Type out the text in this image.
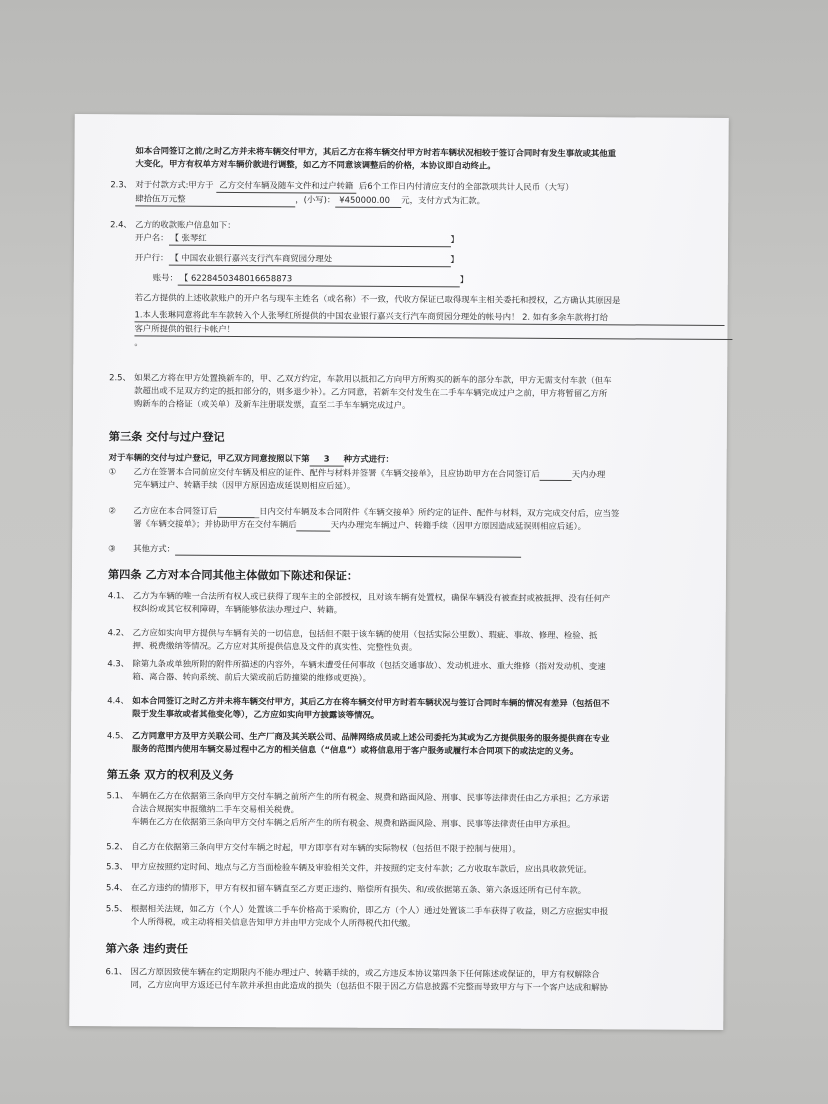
如本合同签订之前/之时乙方并未将车辆交付甲方，其后乙方在将车辆交付甲方时若车辆状况相较于签订合同时有发生事故或其他重
大变化，甲方有权单方对车辆价款进行调整，如乙方不同意该调整后的价格，本协议即自动终止。
2.3、 对于付款方式:甲方于 乙方交付车辆及随车文件和过户转籍 后6个工作日内付清应支付的全部款项共计人民币（大写）
肆拾伍万元整	，(小写)： ¥450000.00 元，支付方式为汇款。
2.4、 乙方的收款账户信息如下：
开户名： 【 张琴红	】
开户行： 【 中国农业银行嘉兴支行汽车商贸园分理处	】
账号： 【 6228450348016658873	】
若乙方提供的上述收款账户的开户名与现车主姓名（或名称）不一致，代收方保证已取得现车主相关委托和授权，乙方确认其原因是
1.本人张琳同意将此车车款转入个人张琴红所提供的中国农业银行嘉兴支行汽车商贸园分理处的帐号内！ 2. 如有多余车款将打给
客户所提供的银行卡帐户！
。
2.5、 如果乙方将在甲方处置换新车的，甲、乙双方约定，车款用以抵扣乙方向甲方所购买的新车的部分车款，甲方无需支付车款（但车
款超出或不足双方约定的抵扣部分的，则多退少补）。乙方同意，若新车交付发生在二手车车辆完成过户之前，甲方将暂留乙方所
购新车的合格证（或关单）及新车注册联发票，直至二手车车辆完成过户。
第三条 交付与过户登记
对于车辆的交付与过户登记，甲乙双方同意按照以下第 3 种方式进行：
① 乙方在签署本合同前应交付车辆及相应的证件、配件与材料并签署《车辆交接单》，且应协助甲方在合同签订后	天内办理
完车辆过户、转籍手续（因甲方原因造成延误则相应后延）。
② 乙方应在本合同签订后	日内交付车辆及本合同附件《车辆交接单》所约定的证件、配件与材料，双方完成交付后，应当签
署《车辆交接单》；并协助甲方在交付车辆后	天内办理完车辆过户、转籍手续（因甲方原因造成延误则相应后延）。
③ 其他方式：
第四条 乙方对本合同其他主体做如下陈述和保证：
4.1、 乙方为车辆的唯一合法所有权人或已获得了现车主的全部授权，且对该车辆有处置权，确保车辆没有被查封或被抵押、没有任何产
权纠纷或其它权利障碍，车辆能够依法办理过户、转籍。
4.2、 乙方应如实向甲方提供与车辆有关的一切信息，包括但不限于该车辆的使用（包括实际公里数）、瑕疵、事故、修理、检验、抵
押、税费缴纳等情况。乙方应对其所提供信息及文件的真实性、完整性负责。
4.3、 除第九条或单独所附的附件所描述的内容外，车辆未遭受任何事故（包括交通事故）、发动机进水、重大维修（指对发动机、变速
箱、离合器、转向系统、前后大梁或前后防撞梁的维修或更换）。
4.4、 如本合同签订之时乙方并未将车辆交付甲方，其后乙方在将车辆交付甲方时若车辆状况与签订合同时车辆的情况有差异（包括但不
限于发生事故或者其他变化等），乙方应如实向甲方披露该等情况。
4.5、 乙方同意甲方及甲方关联公司、生产厂商及其关联公司、品牌网络成员或上述公司委托为其或为乙方提供服务的服务提供商在专业
服务的范围内使用车辆交易过程中乙方的相关信息（“信息”）或将信息用于客户服务或履行本合同项下的或法定的义务。
第五条 双方的权利及义务
5.1、 车辆在乙方在依据第三条向甲方交付车辆之前所产生的所有税金、规费和路面风险、刑事、民事等法律责任由乙方承担；乙方承诺
合法合规据实申报缴纳二手车交易相关税费。
车辆在乙方在依据第三条向甲方交付车辆之后所产生的所有税金、规费和路面风险、刑事、民事等法律责任由甲方承担。
5.2、 自乙方在依据第三条向甲方交付车辆之时起，甲方即享有对车辆的实际物权（包括但不限于控制与使用）。
5.3、 甲方应按照约定时间、地点与乙方当面检验车辆及审验相关文件，并按照约定支付车款；乙方收取车款后，应出具收款凭证。
5.4、 在乙方违约的情形下，甲方有权扣留车辆直至乙方更正违约、赔偿所有损失、和/或依据第五条、第六条返还所有已付车款。
5.5、 根据相关法规，如乙方（个人）处置该二手车价格高于采购价，即乙方（个人）通过处置该二手车获得了收益，则乙方应据实申报
个人所得税，或主动将相关信息告知甲方并由甲方完成个人所得税代扣代缴。
第六条 违约责任
6.1、 因乙方原因致使车辆在约定期限内不能办理过户、转籍手续的，或乙方违反本协议第四条下任何陈述或保证的，甲方有权解除合
同，乙方应向甲方返还已付车款并承担由此造成的损失（包括但不限于因乙方信息披露不完整而导致甲方与下一个客户达成和解协
